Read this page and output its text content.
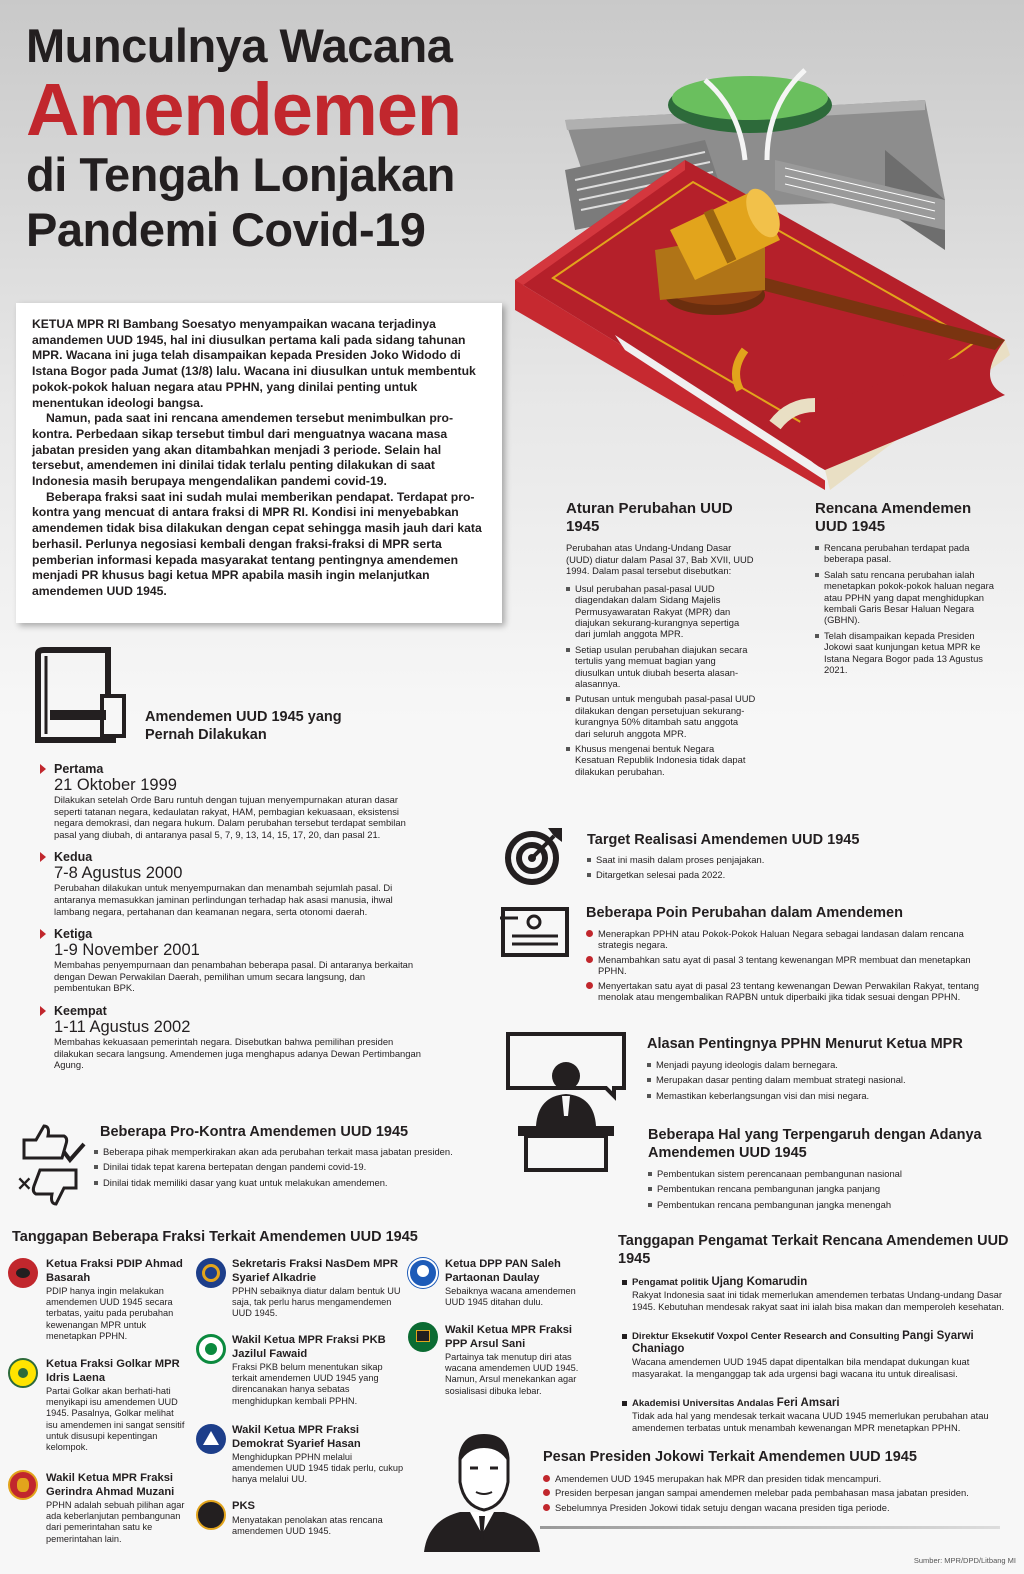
Munculnya Wacana
Amendemen
di Tengah Lonjakan
Pandemi Covid-19

KETUA MPR RI Bambang Soesatyo menyampaikan wacana terjadinya amandemen UUD 1945, hal ini diusulkan pertama kali pada sidang tahunan MPR. Wacana ini juga telah disampaikan kepada Presiden Joko Widodo di Istana Bogor pada Jumat (13/8) lalu. Wacana ini diusulkan untuk membentuk pokok-pokok haluan negara atau PPHN, yang dinilai penting untuk menentukan ideologi bangsa.

Namun, pada saat ini rencana amendemen tersebut menimbulkan pro-kontra. Perbedaan sikap tersebut timbul dari menguatnya wacana masa jabatan presiden yang akan ditambahkan menjadi 3 periode. Selain hal tersebut, amendemen ini dinilai tidak terlalu penting dilakukan di saat Indonesia masih berupaya mengendalikan pandemi covid-19.

Beberapa fraksi saat ini sudah mulai memberikan pendapat. Terdapat pro-kontra yang mencuat di antara fraksi di MPR RI. Kondisi ini menyebabkan amendemen tidak bisa dilakukan dengan cepat sehingga masih jauh dari kata berhasil. Perlunya negosiasi kembali dengan fraksi-fraksi di MPR serta pemberian informasi kepada masyarakat tentang pentingnya amendemen menjadi PR khusus bagi ketua MPR apabila masih ingin melanjutkan amendemen UUD 1945.

Aturan Perubahan UUD 1945
Perubahan atas Undang-Undang Dasar (UUD) diatur dalam Pasal 37, Bab XVII, UUD 1994. Dalam pasal tersebut disebutkan:
Usul perubahan pasal-pasal UUD diagendakan dalam Sidang Majelis Permusyawaratan Rakyat (MPR) dan diajukan sekurang-kurangnya sepertiga dari jumlah anggota MPR.
Setiap usulan perubahan diajukan secara tertulis yang memuat bagian yang diusulkan untuk diubah beserta alasan-alasannya.
Putusan untuk mengubah pasal-pasal UUD dilakukan dengan persetujuan sekurang-kurangnya 50% ditambah satu anggota dari seluruh anggota MPR.
Khusus mengenai bentuk Negara Kesatuan Republik Indonesia tidak dapat dilakukan perubahan.
Rencana Amendemen UUD 1945
Rencana perubahan terdapat pada beberapa pasal.
Salah satu rencana perubahan ialah menetapkan pokok-pokok haluan negara atau PPHN yang dapat menghidupkan kembali Garis Besar Haluan Negara (GBHN).
Telah disampaikan kepada Presiden Jokowi saat kunjungan ketua MPR ke Istana Negara Bogor pada 13 Agustus 2021.
Amendemen UUD 1945 yang Pernah Dilakukan
Pertama
21 Oktober 1999
Dilakukan setelah Orde Baru runtuh dengan tujuan menyempurnakan aturan dasar seperti tatanan negara, kedaulatan rakyat, HAM, pembagian kekuasaan, eksistensi negara demokrasi, dan negara hukum. Dalam perubahan tersebut terdapat sembilan pasal yang diubah, di antaranya pasal 5, 7, 9, 13, 14, 15, 17, 20, dan pasal 21.
Kedua
7-8 Agustus 2000
Perubahan dilakukan untuk menyempurnakan dan menambah sejumlah pasal. Di antaranya memasukkan jaminan perlindungan terhadap hak asasi manusia, ihwal lambang negara, pertahanan dan keamanan negara, serta otonomi daerah.
Ketiga
1-9 November 2001
Membahas penyempurnaan dan penambahan beberapa pasal. Di antaranya berkaitan dengan Dewan Perwakilan Daerah, pemilihan umum secara langsung, dan pembentukan BPK.
Keempat
1-11 Agustus 2002
Membahas kekuasaan pemerintah negara. Disebutkan bahwa pemilihan presiden dilakukan secara langsung. Amendemen juga menghapus adanya Dewan Pertimbangan Agung.
Target Realisasi Amendemen UUD 1945
Saat ini masih dalam proses penjajakan.
Ditargetkan selesai pada 2022.
Beberapa Poin Perubahan dalam Amendemen
Menerapkan PPHN atau Pokok-Pokok Haluan Negara sebagai landasan dalam rencana strategis negara.
Menambahkan satu ayat di pasal 3 tentang kewenangan MPR membuat dan menetapkan PPHN.
Menyertakan satu ayat di pasal 23 tentang kewenangan Dewan Perwakilan Rakyat, tentang menolak atau mengembalikan RAPBN untuk diperbaiki jika tidak sesuai dengan PPHN.
Alasan Pentingnya PPHN Menurut Ketua MPR
Menjadi payung ideologis dalam bernegara.
Merupakan dasar penting dalam membuat strategi nasional.
Memastikan keberlangsungan visi dan misi negara.
Beberapa Hal yang Terpengaruh dengan Adanya Amendemen UUD 1945
Pembentukan sistem perencanaan pembangunan nasional
Pembentukan rencana pembangunan jangka panjang
Pembentukan rencana pembangunan jangka menengah
×
Beberapa Pro-Kontra Amendemen UUD 1945
Beberapa pihak memperkirakan akan ada perubahan terkait masa jabatan presiden.
Dinilai tidak tepat karena bertepatan dengan pandemi covid-19.
Dinilai tidak memiliki dasar yang kuat untuk melakukan amendemen.
Tanggapan Beberapa Fraksi Terkait Amendemen UUD 1945
Ketua Fraksi PDIP Ahmad Basarah
PDIP hanya ingin melakukan amendemen UUD 1945 secara terbatas, yaitu pada perubahan kewenangan MPR untuk menetapkan PPHN.
Ketua Fraksi Golkar MPR Idris Laena
Partai Golkar akan berhati-hati menyikapi isu amendemen UUD 1945. Pasalnya, Golkar melihat isu amendemen ini sangat sensitif untuk disusupi kepentingan kelompok.
Wakil Ketua MPR Fraksi Gerindra Ahmad Muzani
PPHN adalah sebuah pilihan agar ada keberlanjutan pembangunan dari pemerintahan satu ke pemerintahan lain.
Sekretaris Fraksi NasDem MPR Syarief Alkadrie
PPHN sebaiknya diatur dalam bentuk UU saja, tak perlu harus mengamendemen UUD 1945.
Wakil Ketua MPR Fraksi PKB Jazilul Fawaid
Fraksi PKB belum menentukan sikap terkait amendemen UUD 1945 yang direncanakan hanya sebatas menghidupkan kembali PPHN.
Wakil Ketua MPR Fraksi Demokrat Syarief Hasan
Menghidupkan PPHN melalui amendemen UUD 1945 tidak perlu, cukup hanya melalui UU.
PKS
Menyatakan penolakan atas rencana amendemen UUD 1945.
Ketua DPP PAN Saleh Partaonan Daulay
Sebaiknya wacana amendemen UUD 1945 ditahan dulu.
Wakil Ketua MPR Fraksi PPP Arsul Sani
Partainya tak menutup diri atas wacana amendemen UUD 1945. Namun, Arsul menekankan agar sosialisasi dibuka lebar.
Tanggapan Pengamat Terkait Rencana Amendemen UUD 1945
Pengamat politik Ujang Komarudin
Rakyat Indonesia saat ini tidak memerlukan amendemen terbatas Undang-undang Dasar 1945. Kebutuhan mendesak rakyat saat ini ialah bisa makan dan memperoleh kesehatan.
Direktur Eksekutif Voxpol Center Research and Consulting Pangi Syarwi Chaniago
Wacana amendemen UUD 1945 dapat dipentalkan bila mendapat dukungan kuat masyarakat. Ia menganggap tak ada urgensi bagi wacana itu untuk direalisasi.
Akademisi Universitas Andalas Feri Amsari
Tidak ada hal yang mendesak terkait wacana UUD 1945 memerlukan perubahan atau amendemen terbatas untuk menambah kewenangan MPR menetapkan PPHN.
Pesan Presiden Jokowi Terkait Amendemen UUD 1945
Amendemen UUD 1945 merupakan hak MPR dan presiden tidak mencampuri.
Presiden berpesan jangan sampai amendemen melebar pada pembahasan masa jabatan presiden.
Sebelumnya Presiden Jokowi tidak setuju dengan wacana presiden tiga periode.
Sumber: MPR/DPD/Litbang MI
